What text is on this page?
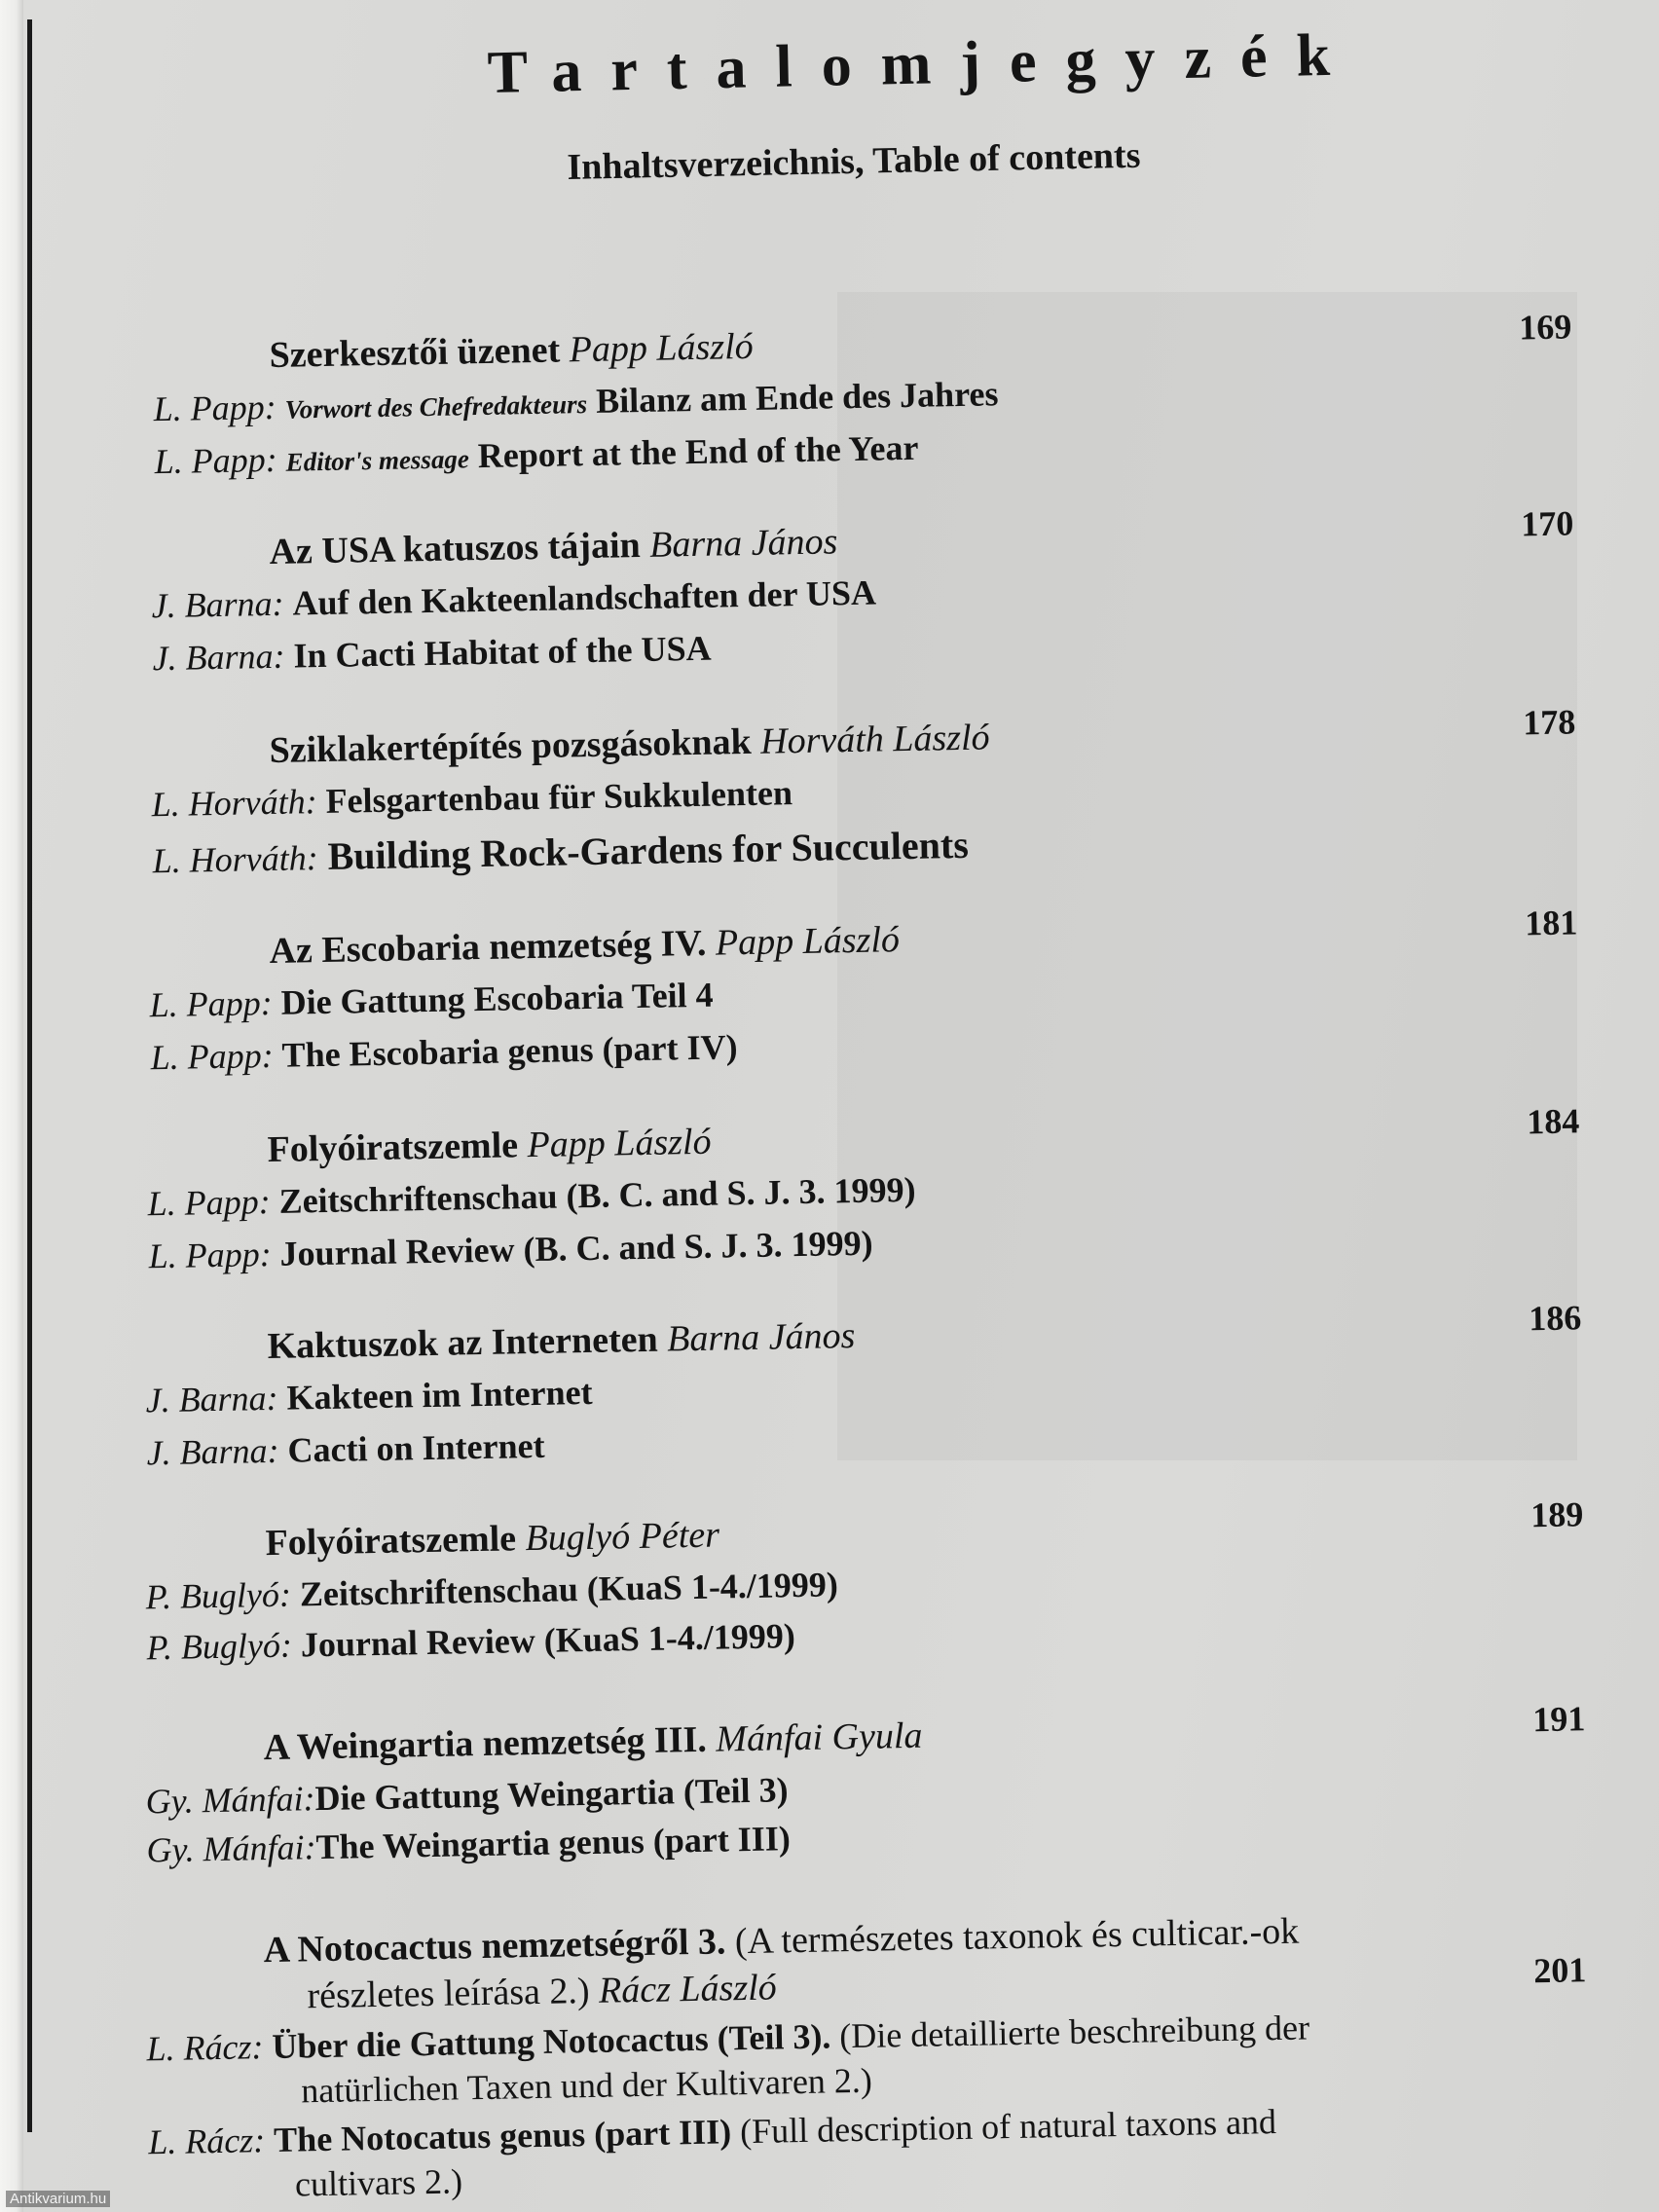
Tartalomjegyzék
Inhaltsverzeichnis, Table of contents
Szerkesztői üzenet Papp László	169
L. Papp: Vorwort des Chefredakteurs Bilanz am Ende des Jahres
L. Papp: Editor's message Report at the End of the Year
Az USA katuszos tájain Barna János	170
J. Barna: Auf den Kakteenlandschaften der USA
J. Barna: In Cacti Habitat of the USA
Sziklakertépítés pozsgásoknak Horváth László	178
L. Horváth: Felsgartenbau für Sukkulenten
L. Horváth: Building Rock-Gardens for Succulents
Az Escobaria nemzetség IV. Papp László	181
L. Papp: Die Gattung Escobaria Teil 4
L. Papp: The Escobaria genus (part IV)
Folyóiratszemle Papp László	184
L. Papp: Zeitschriftenschau (B. C. and S. J. 3. 1999)
L. Papp: Journal Review (B. C. and S. J. 3. 1999)
Kaktuszok az Interneten Barna János	186
J. Barna: Kakteen im Internet
J. Barna: Cacti on Internet
Folyóiratszemle Buglyó Péter	189
P. Buglyó: Zeitschriftenschau (KuaS 1-4./1999)
P. Buglyó: Journal Review (KuaS 1-4./1999)
A Weingartia nemzetség III. Mánfai Gyula	191
Gy. Mánfai:Die Gattung Weingartia (Teil 3)
Gy. Mánfai:The Weingartia genus (part III)
A Notocactus nemzetségről 3. (A természetes taxonok és culticar.-ok
részletes leírása 2.) Rácz László	201
L. Rácz: Über die Gattung Notocactus (Teil 3). (Die detaillierte beschreibung der
natürlichen Taxen und der Kultivaren 2.)
L. Rácz: The Notocatus genus (part III) (Full description of natural taxons and
cultivars 2.)
Antikvarium.hu
